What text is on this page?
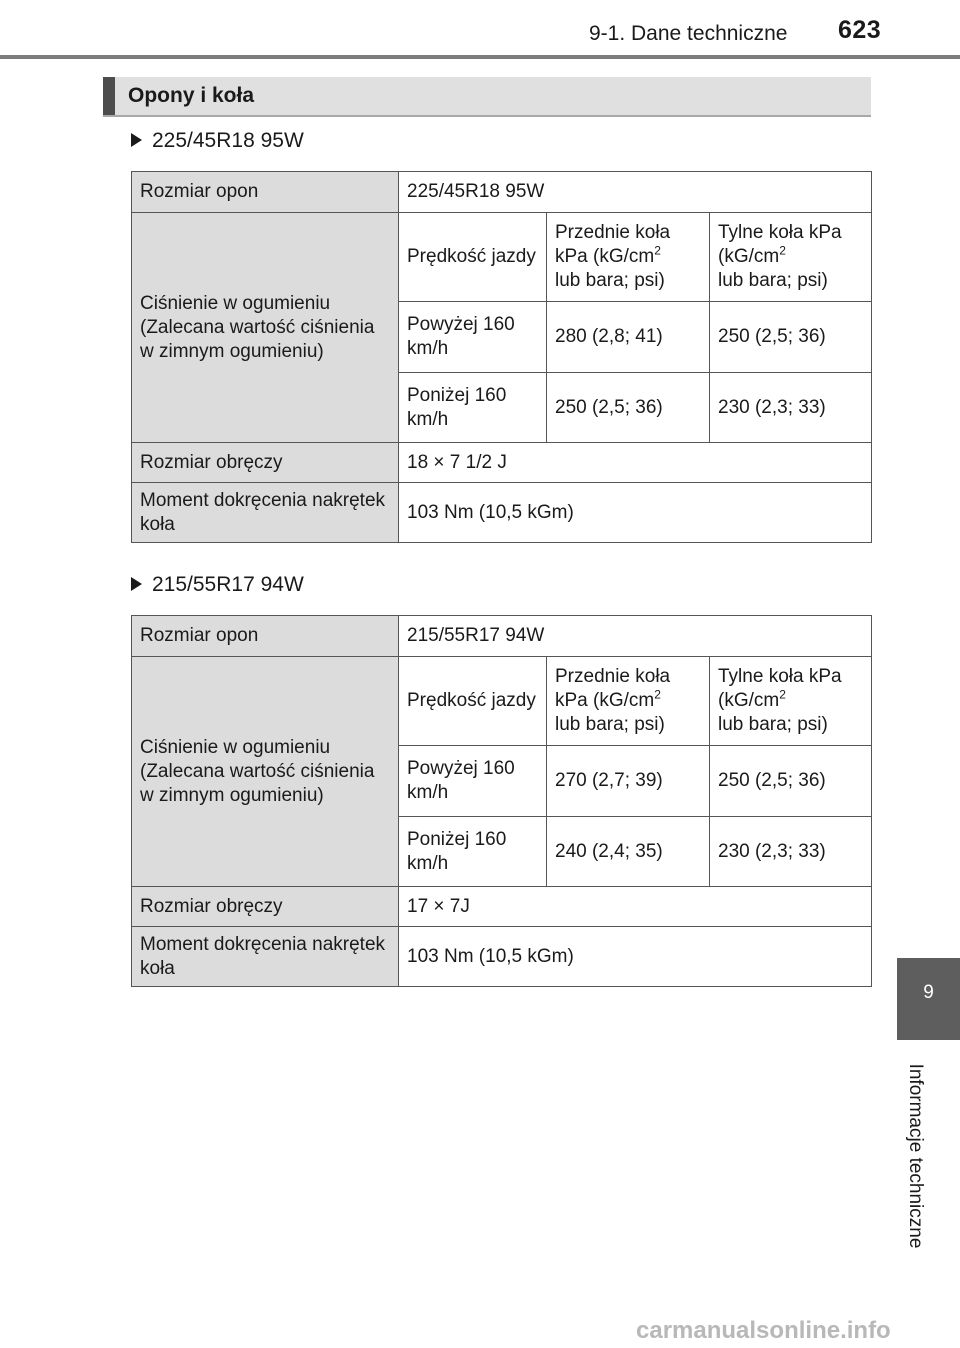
9-1. Dane techniczne 623
Opony i koła
225/45R18 95W
Rozmiar opon	225/45R18 95W		
Ciśnienie w ogumieniu (Zalecana wartość ciśnienia w zimnym ogumieniu)	Prędkość jazdy	Przednie koła kPa ($kG/cm^2$
lub bara; psi)	Tylne koła kPa ($kG/cm^2$
lub bara; psi)
	Powyżej 160 km/h	280 (2,8; 41)	250 (2,5; 36)
	Poniżej 160 km/h	250 (2,5; 36)	230 (2,3; 33)
Rozmiar obręczy	18 × 7 1/2 J		
Moment dokręcenia nakrętek koła	103 Nm (10,5 kGm)		
215/55R17 94W
Rozmiar opon	215/55R17 94W		
Ciśnienie w ogumieniu (Zalecana wartość ciśnienia w zimnym ogumieniu)	Prędkość jazdy	Przednie koła kPa ($kG/cm^2$
lub bara; psi)	Tylne koła kPa ($kG/cm^2$
lub bara; psi)
	Powyżej 160 km/h	270 (2,7; 39)	250 (2,5; 36)
	Poniżej 160 km/h	240 (2,4; 35)	230 (2,3; 33)
Rozmiar obręczy	17 × 7J		
Moment dokręcenia nakrętek koła	103 Nm (10,5 kGm)		
9
Informacje techniczne
carmanualsonline.info
